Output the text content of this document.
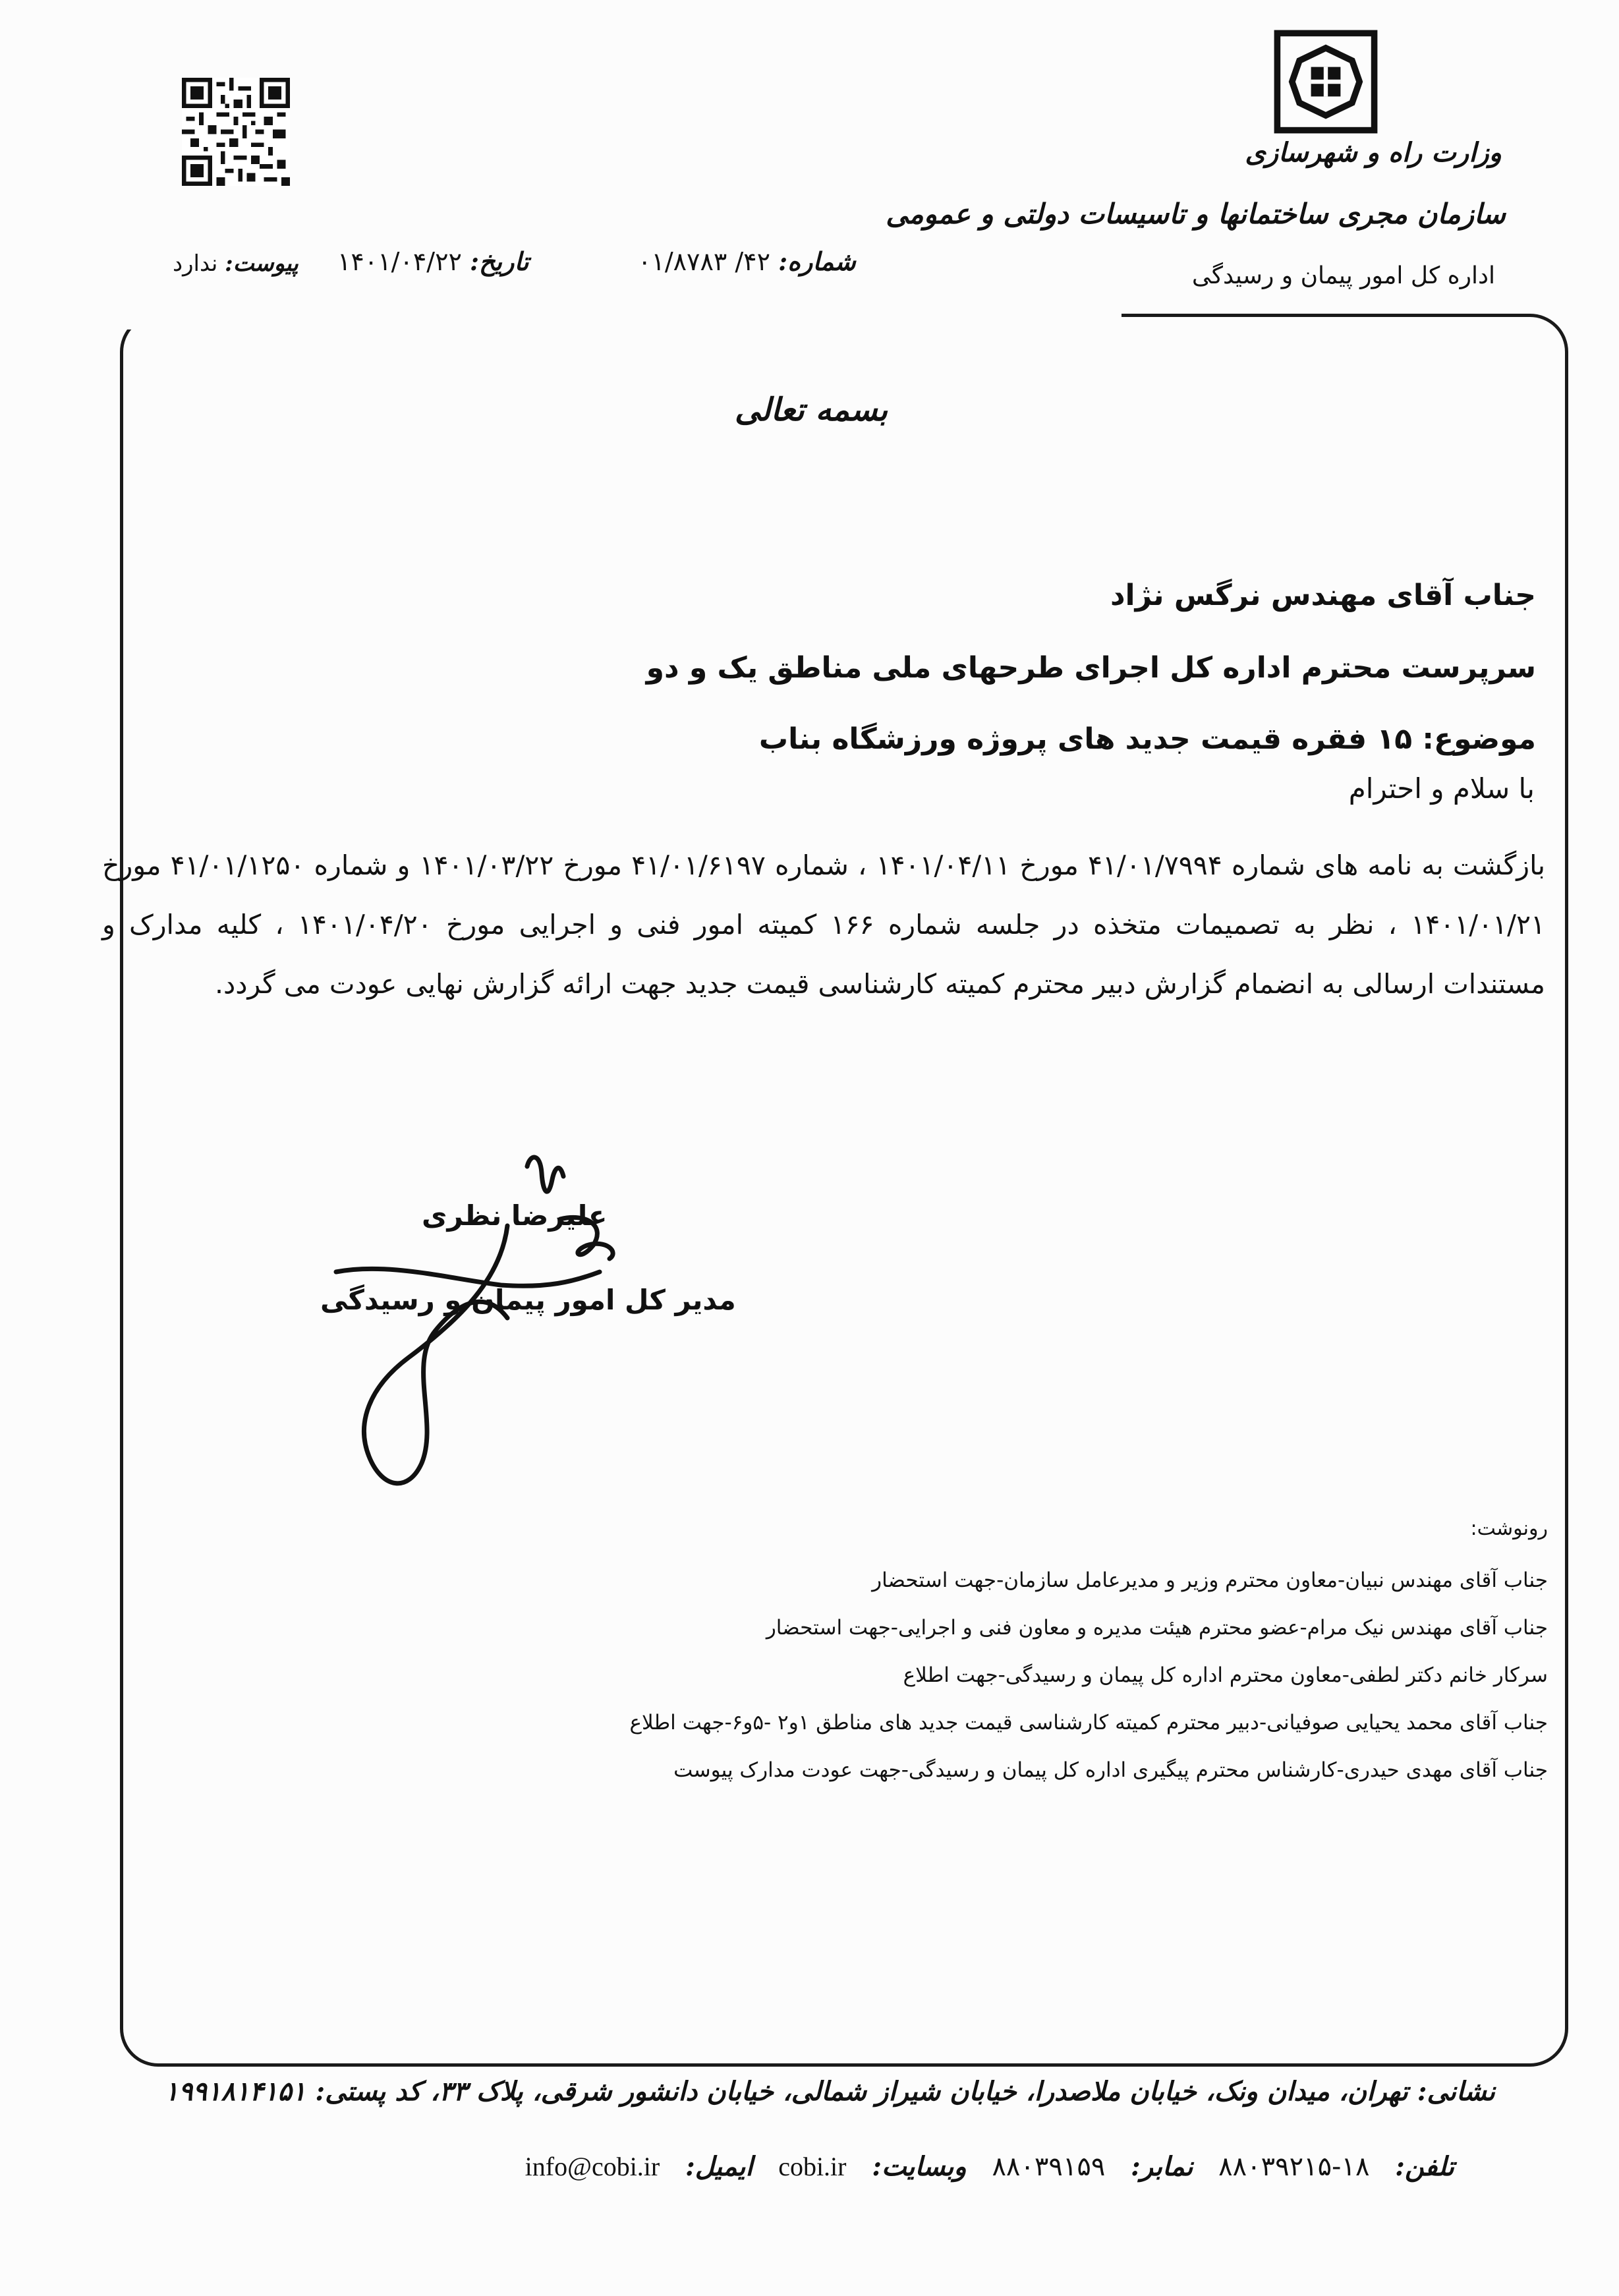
وزارت راه و شهرسازی
سازمان مجری ساختمانها و تاسیسات دولتی و عمومی
اداره کل امور پیمان و رسیدگی
شماره: ۴۲/ ۰۱/۸۷۸۳
تاریخ: ۱۴۰۱/۰۴/۲۲
پیوست: ندارد
بسمه تعالی
جناب آقای مهندس نرگس نژاد
سرپرست محترم اداره کل اجرای طرحهای ملی مناطق یک و دو
موضوع: ۱۵ فقره قیمت جدید های پروژه ورزشگاه بناب
با سلام و احترام
بازگشت به نامه های شماره ۴۱/۰۱/۷۹۹۴ مورخ ۱۴۰۱/۰۴/۱۱ ، شماره ۴۱/۰۱/۶۱۹۷ مورخ ۱۴۰۱/۰۳/۲۲ و شماره ۴۱/۰۱/۱۲۵۰ مورخ ۱۴۰۱/۰۱/۲۱ ، نظر به تصمیمات متخذه در جلسه شماره ۱۶۶ کمیته امور فنی و اجرایی مورخ ۱۴۰۱/۰۴/۲۰ ، کلیه مدارک و مستندات ارسالی به انضمام گزارش دبیر محترم کمیته کارشناسی قیمت جدید جهت ارائه گزارش نهایی عودت می گردد.
علیرضا نظری
مدیر کل امور پیمان و رسیدگی
رونوشت:
جناب آقای مهندس نبیان-معاون محترم وزیر و مدیرعامل سازمان-جهت استحضار
جناب آقای مهندس نیک مرام-عضو محترم هیئت مدیره و معاون فنی و اجرایی-جهت استحضار
سرکار خانم دکتر لطفی-معاون محترم اداره کل پیمان و رسیدگی-جهت اطلاع
جناب آقای محمد یحیایی صوفیانی-دبیر محترم کمیته کارشناسی قیمت جدید های مناطق ۱و۲ -۵و۶-جهت اطلاع
جناب آقای مهدی حیدری-کارشناس محترم پیگیری اداره کل پیمان و رسیدگی-جهت عودت مدارک پیوست
نشانی: تهران، میدان ونک، خیابان ملاصدرا، خیابان شیراز شمالی، خیابان دانشور شرقی، پلاک ۳۳، کد پستی: ۱۹۹۱۸۱۴۱۵۱
تلفن: ۱۸-۸۸۰۳۹۲۱۵ نمابر: ۸۸۰۳۹۱۵۹ وبسایت: cobi.ir ایمیل: info@cobi.ir
